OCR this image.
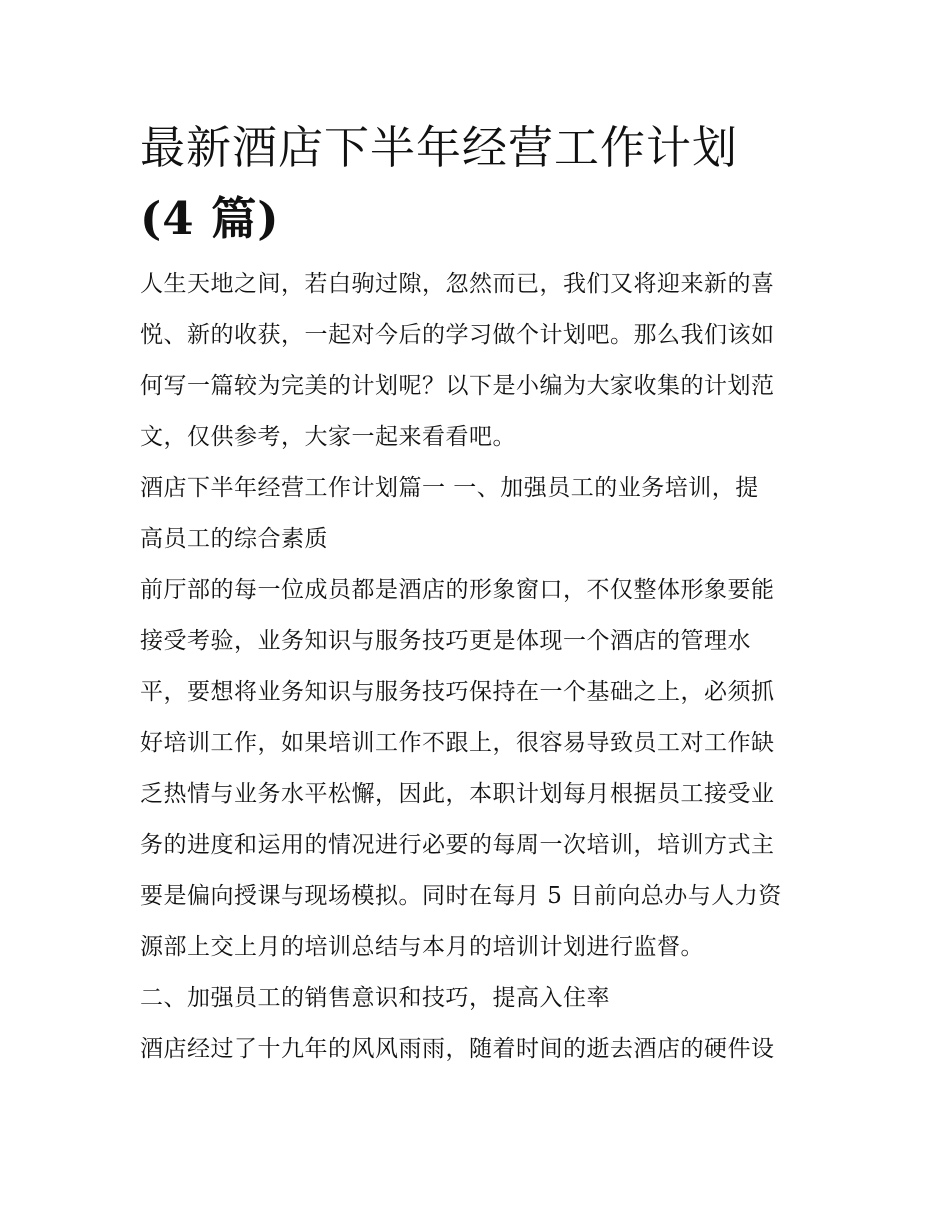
最新酒店下半年经营工作计划
(4 篇)

人生天地之间，若白驹过隙，忽然而已，我们又将迎来新的喜
悦、新的收获，一起对今后的学习做个计划吧。那么我们该如
何写一篇较为完美的计划呢？以下是小编为大家收集的计划范
文，仅供参考，大家一起来看看吧。

酒店下半年经营工作计划篇一 一、加强员工的业务培训，提
高员工的综合素质

前厅部的每一位成员都是酒店的形象窗口，不仅整体形象要能
接受考验，业务知识与服务技巧更是体现一个酒店的管理水
平，要想将业务知识与服务技巧保持在一个基础之上，必须抓
好培训工作，如果培训工作不跟上，很容易导致员工对工作缺
乏热情与业务水平松懈，因此，本职计划每月根据员工接受业
务的进度和运用的情况进行必要的每周一次培训，培训方式主
要是偏向授课与现场模拟。同时在每月 5 日前向总办与人力资
源部上交上月的培训总结与本月的培训计划进行监督。

二、加强员工的销售意识和技巧，提高入住率

酒店经过了十九年的风风雨雨，随着时间的逝去酒店的硬件设
